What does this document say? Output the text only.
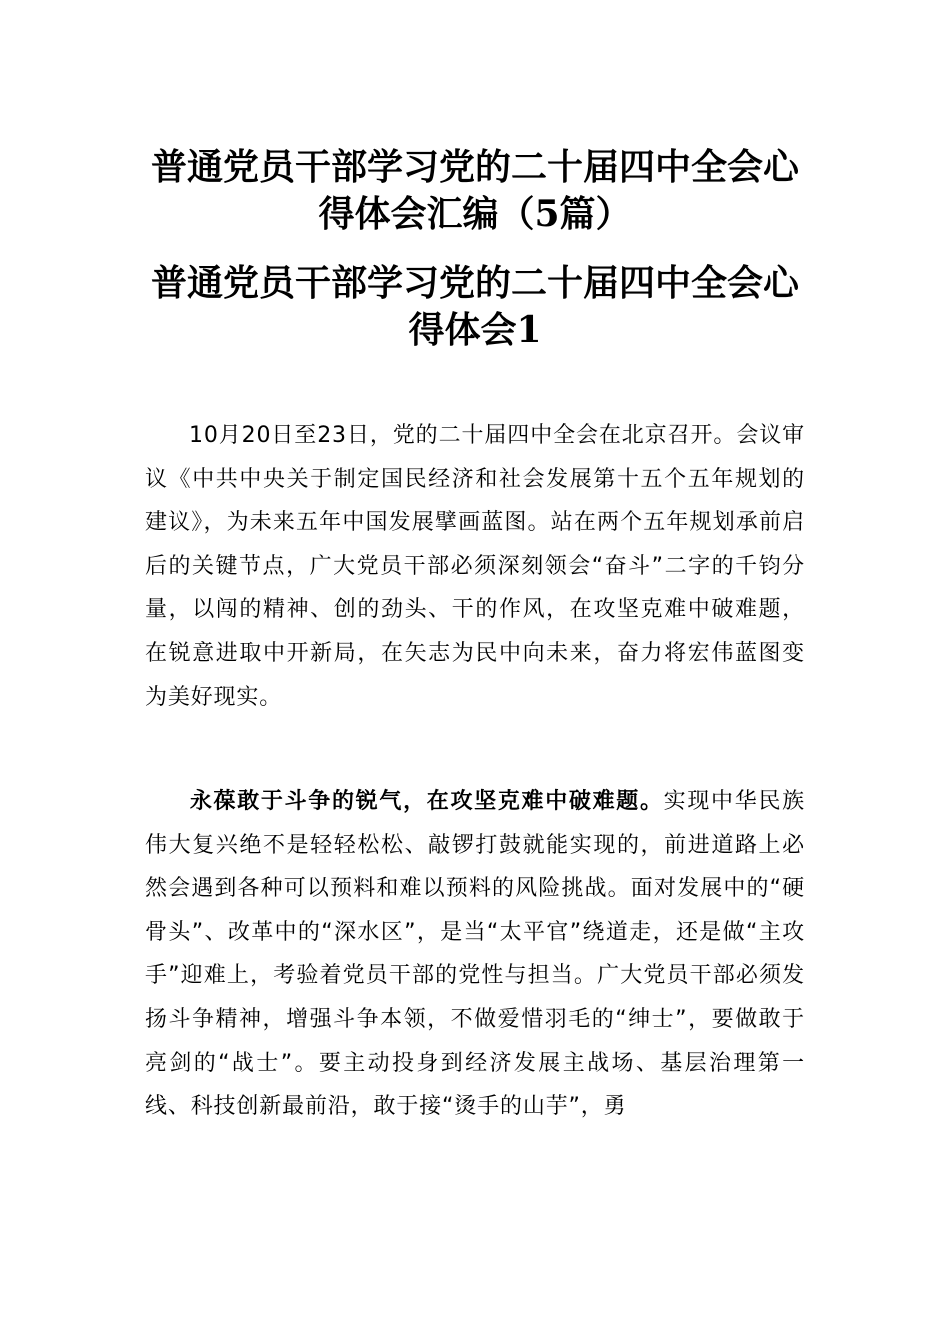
普通党员干部学习党的二十届四中全会心
得体会汇编（5篇）
普通党员干部学习党的二十届四中全会心
得体会1

10月20日至23日，党的二十届四中全会在北京召开。会议审议《中共中央关于制定国民经济和社会发展第十五个五年规划的建议》，为未来五年中国发展擘画蓝图。站在两个五年规划承前启后的关键节点，广大党员干部必须深刻领会“奋斗”二字的千钧分量，以闯的精神、创的劲头、干的作风，在攻坚克难中破难题，在锐意进取中开新局，在矢志为民中向未来，奋力将宏伟蓝图变为美好现实。

永葆敢于斗争的锐气，在攻坚克难中破难题。实现中华民族伟大复兴绝不是轻轻松松、敲锣打鼓就能实现的，前进道路上必然会遇到各种可以预料和难以预料的风险挑战。面对发展中的“硬骨头”、改革中的“深水区”，是当“太平官”绕道走，还是做“主攻手”迎难上，考验着党员干部的党性与担当。广大党员干部必须发扬斗争精神，增强斗争本领，不做爱惜羽毛的“绅士”，要做敢于亮剑的“战士”。要主动投身到经济发展主战场、基层治理第一线、科技创新最前沿，敢于接“烫手的山芋”，勇
